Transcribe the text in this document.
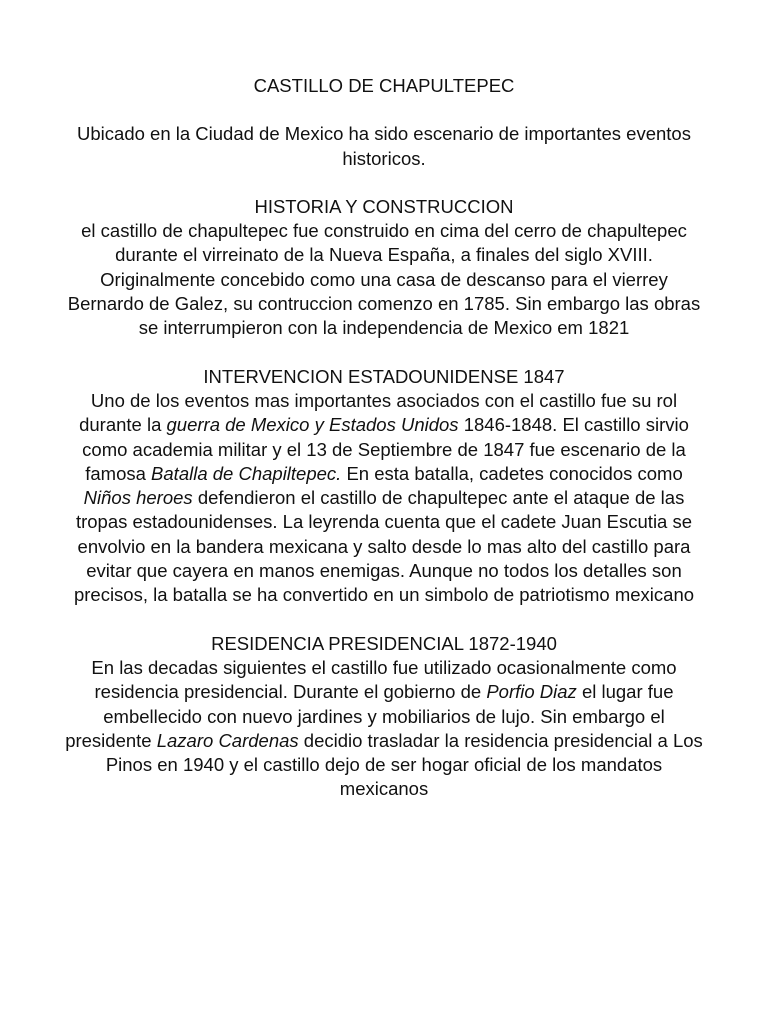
CASTILLO DE CHAPULTEPEC

Ubicado en la Ciudad de Mexico ha sido escenario de importantes eventos historicos.

HISTORIA Y CONSTRUCCION
el castillo de chapultepec fue construido en cima del cerro de chapultepec durante el virreinato de la Nueva España, a finales del siglo XVIII. Originalmente concebido como una casa de descanso para el vierrey Bernardo de Galez, su contruccion comenzo en 1785. Sin embargo las obras se interrumpieron con la independencia de Mexico em 1821
INTERVENCION ESTADOUNIDENSE 1847
Uno de los eventos mas importantes asociados con el castillo fue su rol durante la guerra de Mexico y Estados Unidos 1846-1848. El castillo sirvio como academia militar y el 13 de Septiembre de 1847 fue escenario de la famosa Batalla de Chapiltepec. En esta batalla, cadetes conocidos como Niños heroes defendieron el castillo de chapultepec ante el ataque de las tropas estadounidenses. La leyrenda cuenta que el cadete Juan Escutia se envolvio en la bandera mexicana y salto desde lo mas alto del castillo para evitar que cayera en manos enemigas. Aunque no todos los detalles son precisos, la batalla se ha convertido en un simbolo de patriotismo mexicano
RESIDENCIA PRESIDENCIAL 1872-1940
En las decadas siguientes el castillo fue utilizado ocasionalmente como residencia presidencial. Durante el gobierno de Porfio Diaz el lugar fue embellecido con nuevo jardines y mobiliarios de lujo. Sin embargo el presidente Lazaro Cardenas decidio trasladar la residencia presidencial a Los Pinos en 1940 y el castillo dejo de ser hogar oficial de los mandatos mexicanos
